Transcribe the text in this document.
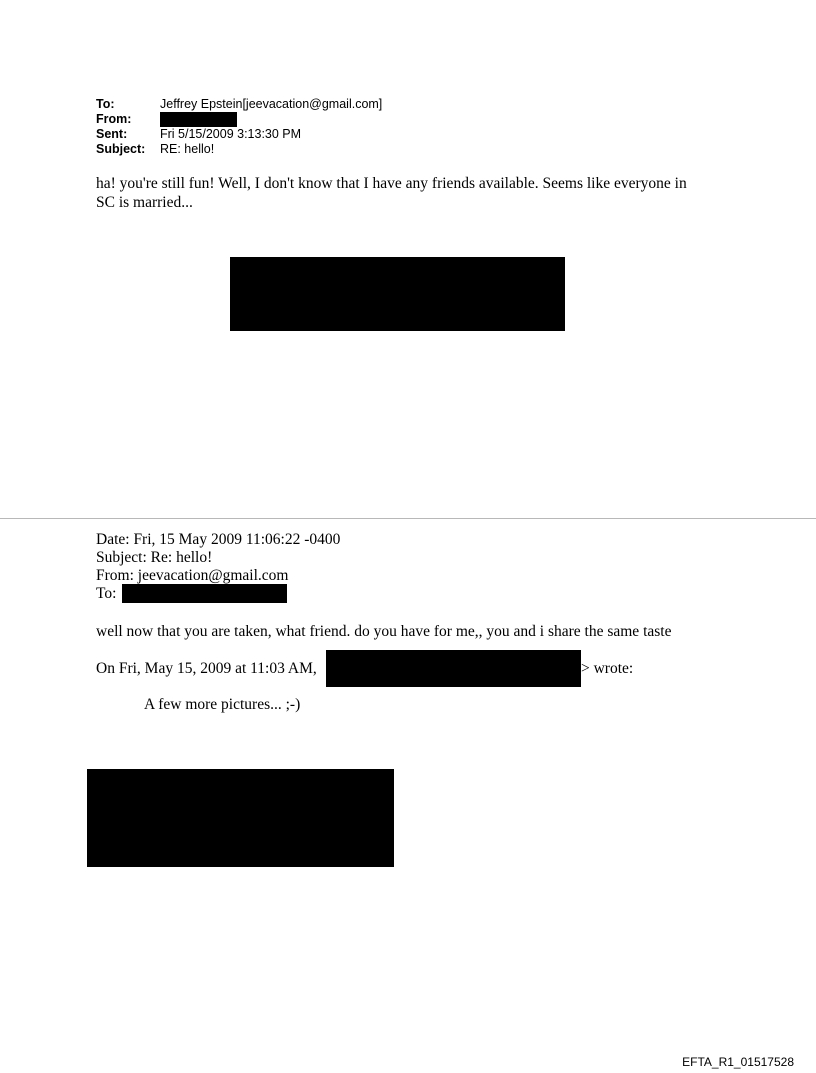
To:	Jeffrey Epstein[jeevacation@gmail.com]
From:
Sent:	Fri 5/15/2009 3:13:30 PM
Subject: RE: hello!
ha! you're still fun! Well, I don't know that I have any friends available. Seems like everyone in
SC is married...
Date: Fri, 15 May 2009 11:06:22 -0400
Subject: Re: hello!
From: jeevacation@gmail.com
To:
well now that you are taken, what friend. do you have for me,, you and i share the same taste
On Fri, May 15, 2009 at 11:03 AM,	> wrote:
A few more pictures... ;-)
EFTA_R1_01517528
